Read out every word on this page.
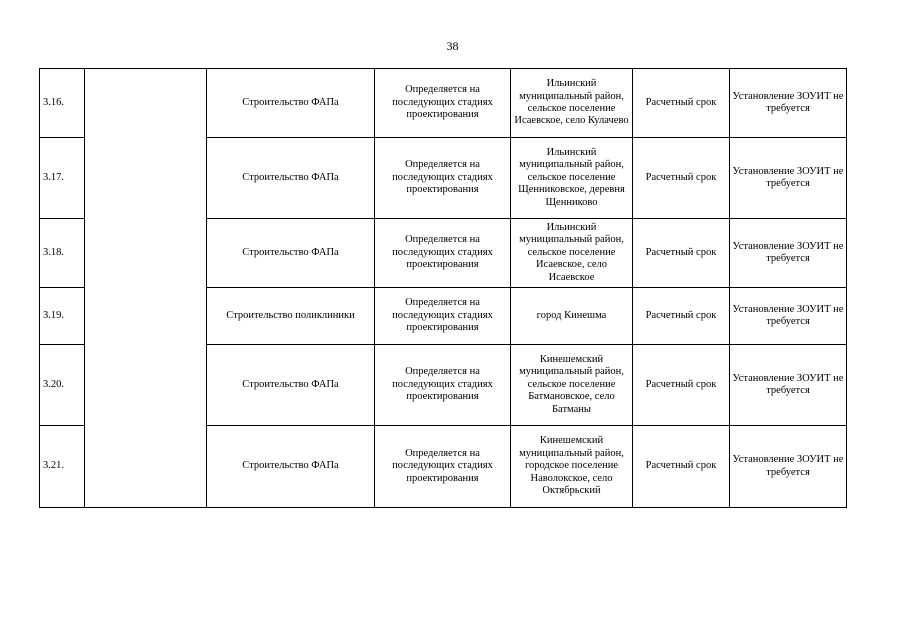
38
3.16.		Строительство ФАПа	Определяется на последующих стадиях проектирования	Ильинский муниципальный район, сельское поселение Исаевское, село Кулачево	Расчетный срок	Установление ЗОУИТ не требуется
3.17.		Строительство ФАПа	Определяется на последующих стадиях проектирования	Ильинский муниципальный район, сельское поселение Щенниковское, деревня Щенниково	Расчетный срок	Установление ЗОУИТ не требуется
3.18.		Строительство ФАПа	Определяется на последующих стадиях проектирования	Ильинский муниципальный район, сельское поселение Исаевское, село Исаевское	Расчетный срок	Установление ЗОУИТ не требуется
3.19.		Строительство поликлиники	Определяется на последующих стадиях проектирования	город Кинешма	Расчетный срок	Установление ЗОУИТ не требуется
3.20.		Строительство ФАПа	Определяется на последующих стадиях проектирования	Кинешемский муниципальный район, сельское поселение Батмановское, село Батманы	Расчетный срок	Установление ЗОУИТ не требуется
3.21.		Строительство ФАПа	Определяется на последующих стадиях проектирования	Кинешемский муниципальный район, городское поселение Наволокское, село Октябрьский	Расчетный срок	Установление ЗОУИТ не требуется
